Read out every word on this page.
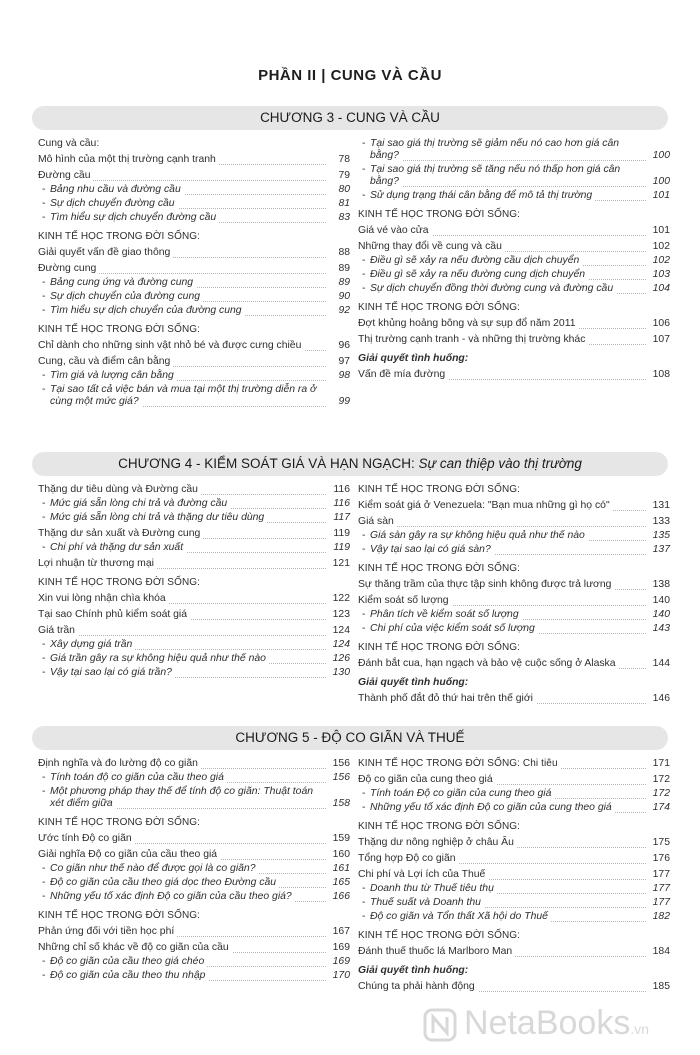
PHẦN II | CUNG VÀ CẦU
CHƯƠNG 3 - CUNG VÀ CẦU
Cung và cầu:
Mô hình của một thị trường cạnh tranh	78
Đường cầu	79
- Bảng nhu cầu và đường cầu	80
- Sự dịch chuyển đường cầu	81
- Tìm hiểu sự dịch chuyển đường cầu	83
KINH TẾ HỌC TRONG ĐỜI SỐNG:
Giải quyết vấn đề giao thông	88
Đường cung	89
- Bảng cung ứng và đường cung	89
- Sự dịch chuyển của đường cung	90
- Tìm hiểu sự dịch chuyển của đường cung	92
KINH TẾ HỌC TRONG ĐỜI SỐNG:
Chỉ dành cho những sinh vật nhỏ bé và được cưng chiều	96
Cung, cầu và điểm cân bằng	97
- Tìm giá và lượng cân bằng	98
- Tại sao tất cả việc bán và mua tại một thị trường diễn ra ở cùng một mức giá?	99
- Tại sao giá thị trường sẽ giảm nếu nó cao hơn giá cân bằng?	100
- Tại sao giá thị trường sẽ tăng nếu nó thấp hơn giá cân bằng?	100
- Sử dụng trạng thái cân bằng để mô tả thị trường	101
KINH TẾ HỌC TRONG ĐỜI SỐNG:
Giá vé vào cửa	101
Những thay đổi về cung và cầu	102
- Điều gì sẽ xảy ra nếu đường cầu dịch chuyển	102
- Điều gì sẽ xảy ra nếu đường cung dịch chuyển	103
- Sự dịch chuyển đồng thời đường cung và đường cầu	104
KINH TẾ HỌC TRONG ĐỜI SỐNG:
Đợt khủng hoảng bông và sự sụp đổ năm 2011	106
Thị trường cạnh tranh - và những thị trường khác	107
Giải quyết tình huống:
Vấn đề mía đường	108
CHƯƠNG 4 - KIỂM SOÁT GIÁ VÀ HẠN NGẠCH: Sự can thiệp vào thị trường
Thặng dư tiêu dùng và Đường cầu	116
- Mức giá sẵn lòng chi trả và đường cầu	116
- Mức giá sẵn lòng chi trả và thặng dư tiêu dùng	117
Thặng dư sản xuất và Đường cung	119
- Chi phí và thặng dư sản xuất	119
Lợi nhuận từ thương mại	121
KINH TẾ HỌC TRONG ĐỜI SỐNG:
Xin vui lòng nhận chìa khóa	122
Tại sao Chính phủ kiểm soát giá	123
Giá trần	124
- Xây dựng giá trần	124
- Giá trần gây ra sự không hiệu quả như thế nào	126
- Vậy tại sao lại có giá trần?	130
KINH TẾ HỌC TRONG ĐỜI SỐNG:
Kiểm soát giá ở Venezuela: "Bạn mua những gì họ có"	131
Giá sàn	133
- Giá sàn gây ra sự không hiệu quả như thế nào	135
- Vậy tại sao lại có giá sàn?	137
KINH TẾ HỌC TRONG ĐỜI SỐNG:
Sự thăng trầm của thực tập sinh không được trả lương	138
Kiểm soát số lượng	140
- Phân tích về kiểm soát số lượng	140
- Chi phí của việc kiểm soát số lượng	143
KINH TẾ HỌC TRONG ĐỜI SỐNG:
Đánh bắt cua, hạn ngạch và bảo vệ cuộc sống ở Alaska	144
Giải quyết tình huống:
Thành phố đắt đỏ thứ hai trên thế giới	146
CHƯƠNG 5 - ĐỘ CO GIÃN VÀ THUẾ
Định nghĩa và đo lường độ co giãn	156
- Tính toán độ co giãn của cầu theo giá	156
- Một phương pháp thay thế để tính độ co giãn: Thuật toán xét điểm giữa	158
KINH TẾ HỌC TRONG ĐỜI SỐNG:
Ước tính Độ co giãn	159
Giải nghĩa Độ co giãn của cầu theo giá	160
- Co giãn như thế nào để được gọi là co giãn?	161
- Độ co giãn của cầu theo giá dọc theo Đường cầu	165
- Những yếu tố xác định Độ co giãn của cầu theo giá?	166
KINH TẾ HỌC TRONG ĐỜI SỐNG:
Phản ứng đối với tiền học phí	167
Những chỉ số khác về độ co giãn của cầu	169
- Độ co giãn của cầu theo giá chéo	169
- Độ co giãn của cầu theo thu nhập	170
KINH TẾ HỌC TRONG ĐỜI SỐNG: Chi tiêu	171
Độ co giãn của cung theo giá	172
- Tính toán Độ co giãn của cung theo giá	172
- Những yếu tố xác định Độ co giãn của cung theo giá	174
KINH TẾ HỌC TRONG ĐỜI SỐNG:
Thặng dư nông nghiệp ở châu Âu	175
Tổng hợp Độ co giãn	176
Chi phí và Lợi ích của Thuế	177
- Doanh thu từ Thuế tiêu thụ	177
- Thuế suất và Doanh thu	177
- Độ co giãn và Tổn thất Xã hội do Thuế	182
KINH TẾ HỌC TRONG ĐỜI SỐNG:
Đánh thuế thuốc lá Marlboro Man	184
Giải quyết tình huống:
Chúng ta phải hành động	185
NetaBooks.vn
